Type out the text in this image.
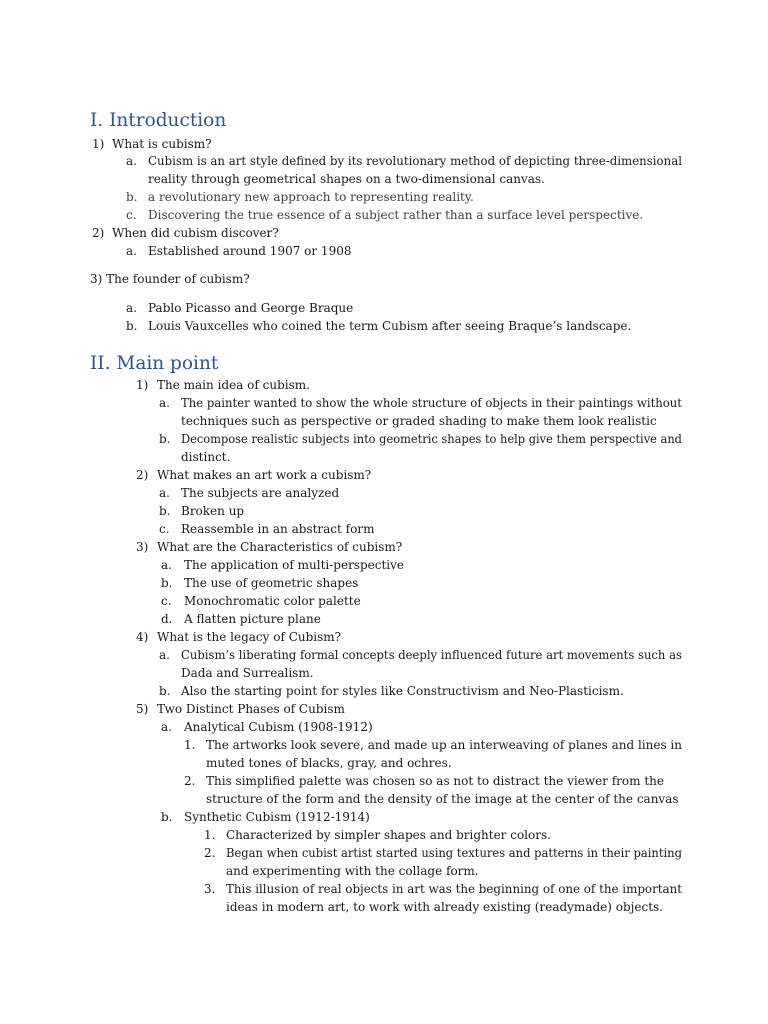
I. Introduction
1) What is cubism?
a. Cubism is an art style defined by its revolutionary method of depicting three-dimensional
reality through geometrical shapes on a two-dimensional canvas.
b. a revolutionary new approach to representing reality.
c. Discovering the true essence of a subject rather than a surface level perspective.
2) When did cubism discover?
a. Established around 1907 or 1908
3) The founder of cubism?
a. Pablo Picasso and George Braque
b. Louis Vauxcelles who coined the term Cubism after seeing Braque’s landscape.
II. Main point
1) The main idea of cubism.
a. The painter wanted to show the whole structure of objects in their paintings without
techniques such as perspective or graded shading to make them look realistic
b. Decompose realistic subjects into geometric shapes to help give them perspective and
distinct.
2) What makes an art work a cubism?
a. The subjects are analyzed
b. Broken up
c. Reassemble in an abstract form
3) What are the Characteristics of cubism?
a. The application of multi-perspective
b. The use of geometric shapes
c. Monochromatic color palette
d. A flatten picture plane
4) What is the legacy of Cubism?
a. Cubism’s liberating formal concepts deeply influenced future art movements such as
Dada and Surrealism.
b. Also the starting point for styles like Constructivism and Neo-Plasticism.
5) Two Distinct Phases of Cubism
a. Analytical Cubism (1908-1912)
1. The artworks look severe, and made up an interweaving of planes and lines in
muted tones of blacks, gray, and ochres.
2. This simplified palette was chosen so as not to distract the viewer from the
structure of the form and the density of the image at the center of the canvas
b. Synthetic Cubism (1912-1914)
1. Characterized by simpler shapes and brighter colors.
2. Began when cubist artist started using textures and patterns in their painting
and experimenting with the collage form.
3. This illusion of real objects in art was the beginning of one of the important
ideas in modern art, to work with already existing (readymade) objects.
